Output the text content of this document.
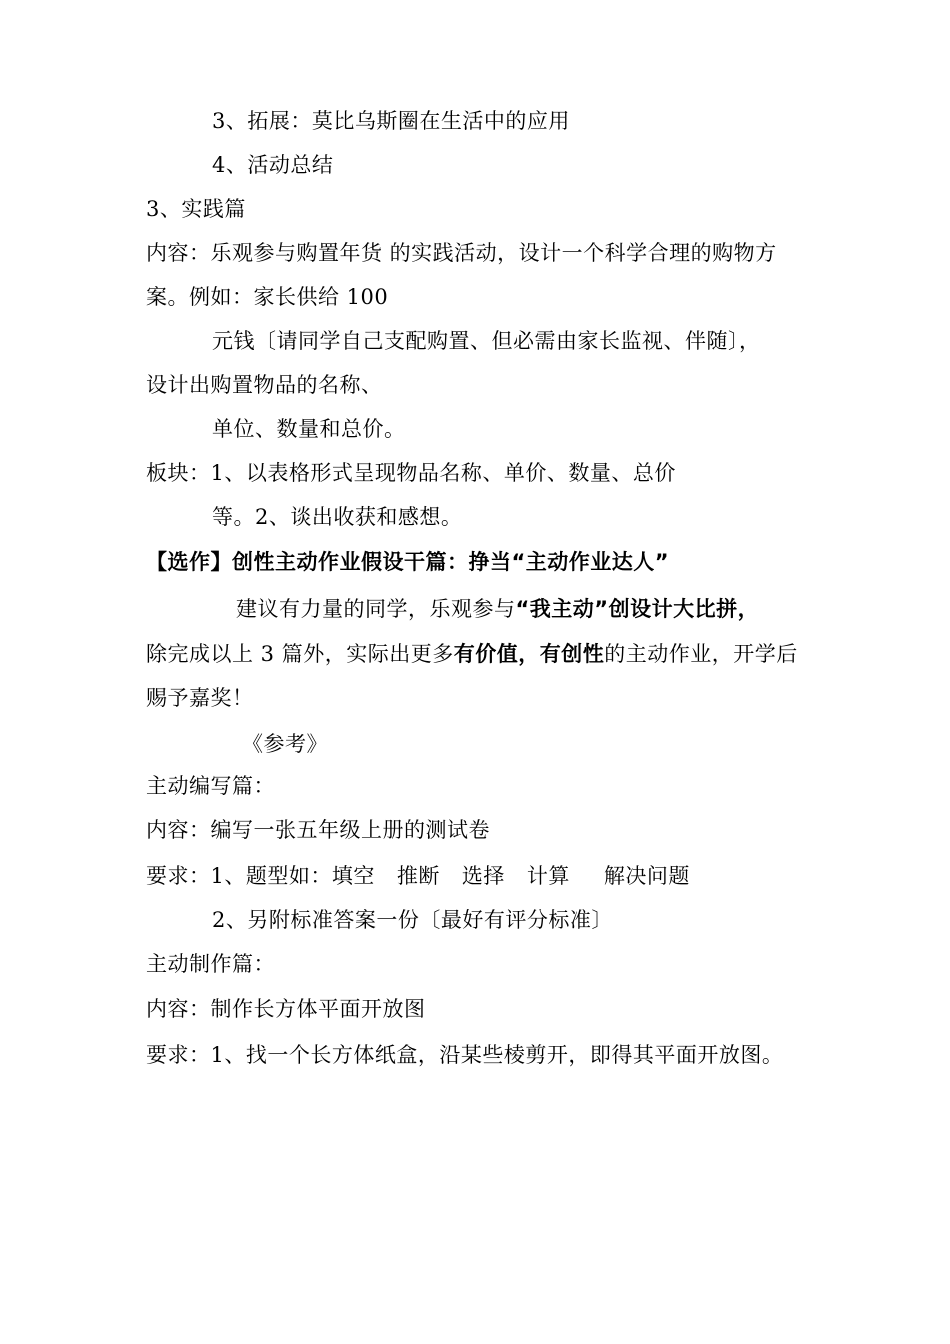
3、拓展：莫比乌斯圈在生活中的应用
4、活动总结
3、实践篇
内容：乐观参与购置年货 的实践活动，设计一个科学合理的购物方
案。例如：家长供给 100
元钱〔请同学自己支配购置、但必需由家长监视、伴随〕，
设计出购置物品的名称、
单位、数量和总价。
板块：1、以表格形式呈现物品名称、单价、数量、总价
等。2、谈出收获和感想。
【选作】创性主动作业假设干篇：挣当“主动作业达人”
建议有力量的同学，乐观参与“我主动”创设计大比拼，
除完成以上 3 篇外，实际出更多有价值，有创性的主动作业，开学后
赐予嘉奖！
《参考》
主动编写篇：
内容：编写一张五年级上册的测试卷
要求：1、题型如：填空 推断 选择 计算 解决问题
2、另附标准答案一份〔最好有评分标准〕
主动制作篇：
内容：制作长方体平面开放图
要求：1、找一个长方体纸盒，沿某些棱剪开，即得其平面开放图。
